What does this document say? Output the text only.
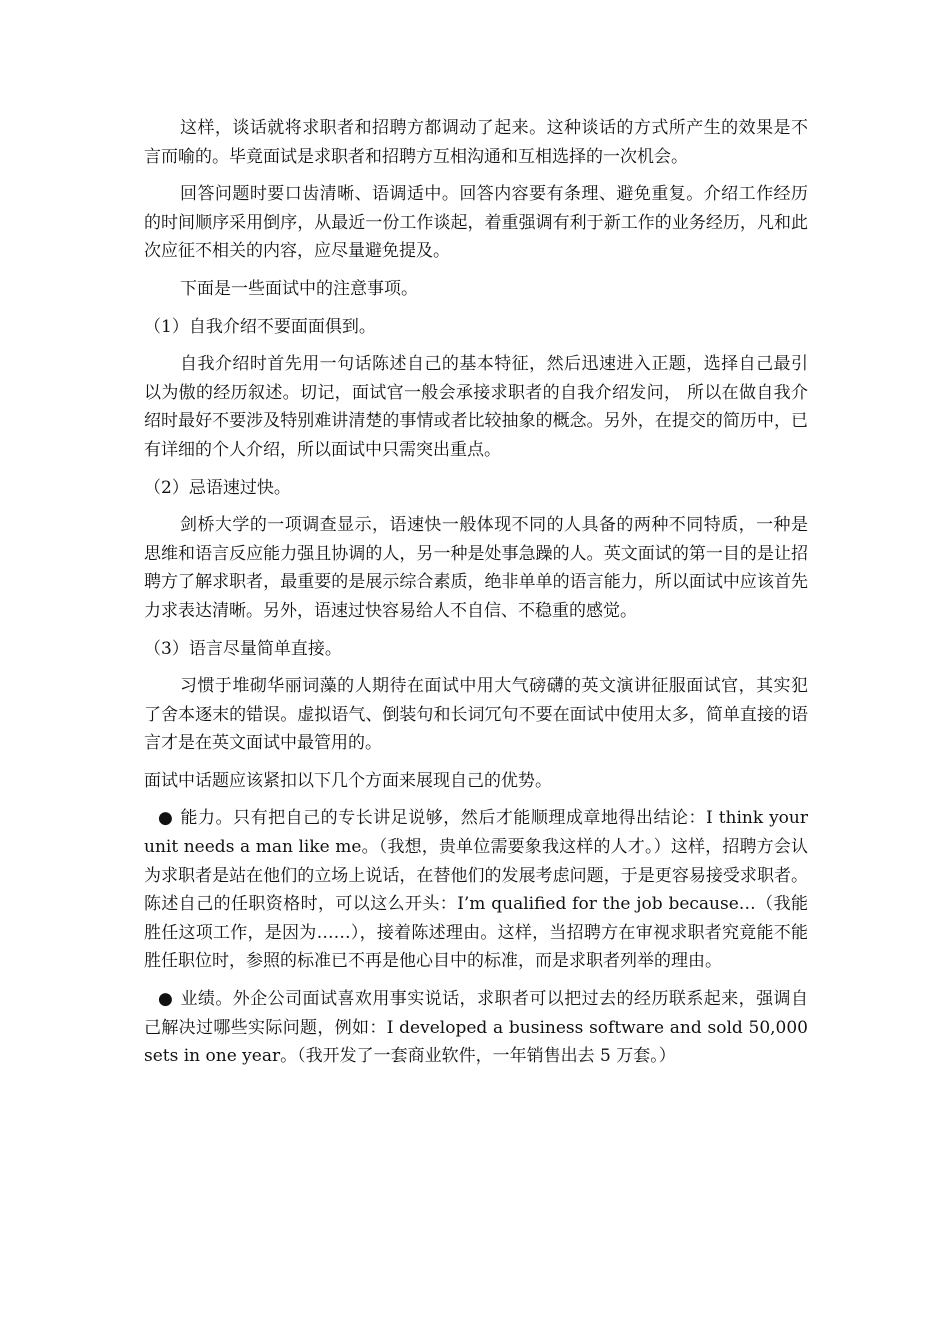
这样，谈话就将求职者和招聘方都调动了起来。这种谈话的方式所产生的效果是不言而喻的。毕竟面试是求职者和招聘方互相沟通和互相选择的一次机会。

回答问题时要口齿清晰、语调适中。回答内容要有条理、避免重复。介绍工作经历的时间顺序采用倒序，从最近一份工作谈起，着重强调有利于新工作的业务经历，凡和此次应征不相关的内容，应尽量避免提及。

下面是一些面试中的注意事项。

（1）自我介绍不要面面俱到。

自我介绍时首先用一句话陈述自己的基本特征，然后迅速进入正题，选择自己最引以为傲的经历叙述。切记，面试官一般会承接求职者的自我介绍发问， 所以在做自我介绍时最好不要涉及特别难讲清楚的事情或者比较抽象的概念。另外，在提交的简历中，已有详细的个人介绍，所以面试中只需突出重点。

（2）忌语速过快。

剑桥大学的一项调查显示，语速快一般体现不同的人具备的两种不同特质，一种是思维和语言反应能力强且协调的人，另一种是处事急躁的人。英文面试的第一目的是让招聘方了解求职者，最重要的是展示综合素质，绝非单单的语言能力，所以面试中应该首先力求表达清晰。另外，语速过快容易给人不自信、不稳重的感觉。

（3）语言尽量简单直接。

习惯于堆砌华丽词藻的人期待在面试中用大气磅礴的英文演讲征服面试官，其实犯了舍本逐末的错误。虚拟语气、倒装句和长词冗句不要在面试中使用太多，简单直接的语言才是在英文面试中最管用的。

面试中话题应该紧扣以下几个方面来展现自己的优势。

● 能力。只有把自己的专长讲足说够，然后才能顺理成章地得出结论：I think your unit needs a man like me。（我想，贵单位需要象我这样的人才。）这样，招聘方会认为求职者是站在他们的立场上说话，在替他们的发展考虑问题，于是更容易接受求职者。陈述自己的任职资格时，可以这么开头：I’m qualified for the job because…（我能胜任这项工作，是因为……），接着陈述理由。这样，当招聘方在审视求职者究竟能不能胜任职位时，参照的标准已不再是他心目中的标准，而是求职者列举的理由。

● 业绩。外企公司面试喜欢用事实说话，求职者可以把过去的经历联系起来，强调自己解决过哪些实际问题，例如：I developed a business software and sold 50,000 sets in one year。（我开发了一套商业软件，一年销售出去 5 万套。）
